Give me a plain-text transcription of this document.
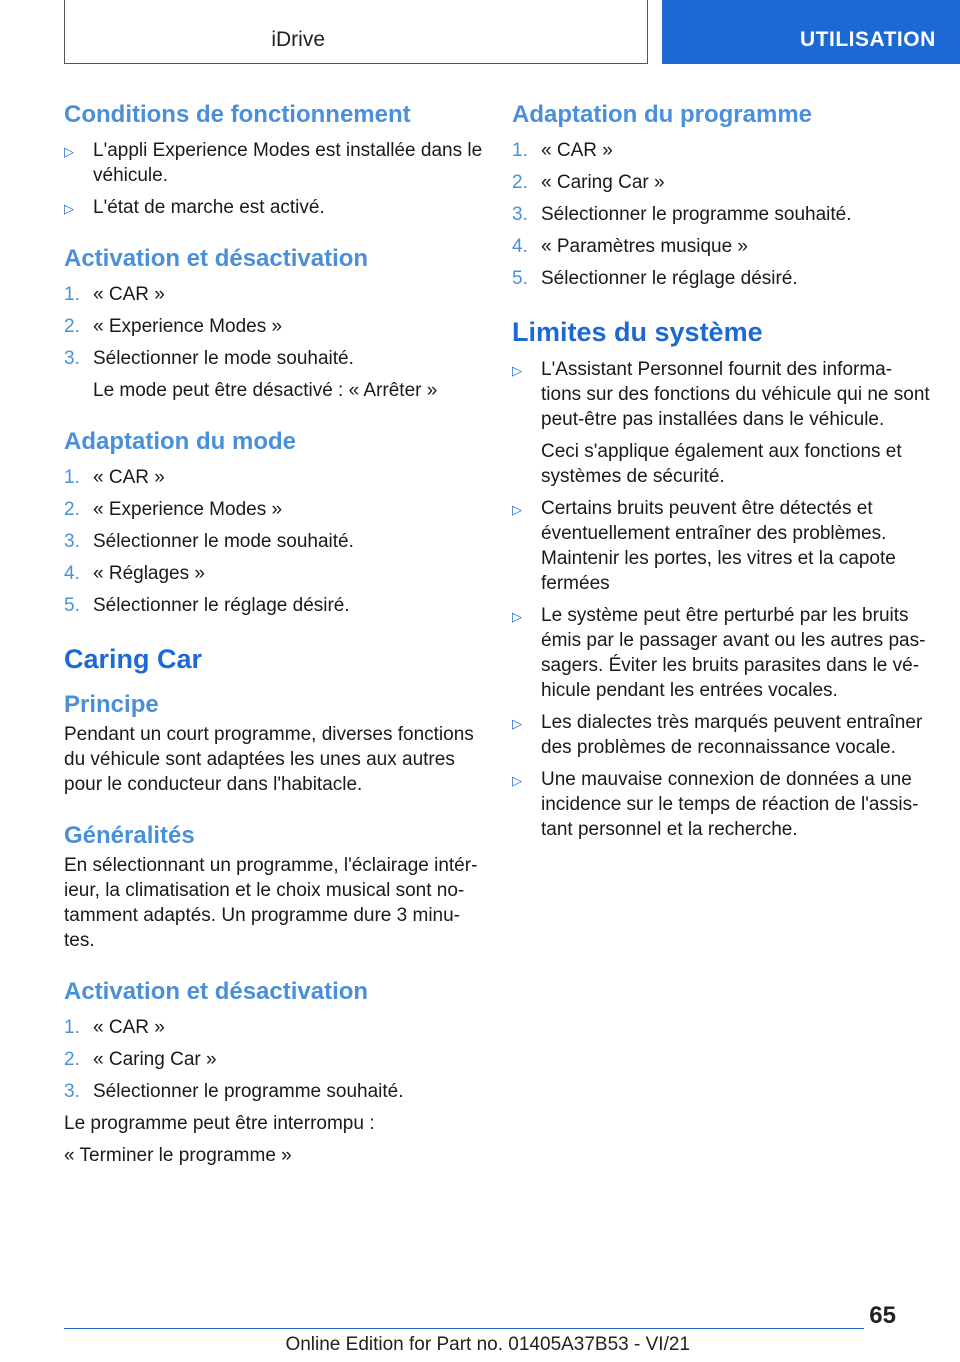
iDrive	UTILISATION
Conditions de fonctionnement
▷ L'appli Experience Modes est installée dans le véhicule.
▷ L'état de marche est activé.
Activation et désactivation
1. « CAR »
2. « Experience Modes »
3. Sélectionner le mode souhaité.
Le mode peut être désactivé : « Arrêter »
Adaptation du mode
1. « CAR »
2. « Experience Modes »
3. Sélectionner le mode souhaité.
4. « Réglages »
5. Sélectionner le réglage désiré.
Caring Car
Principe

Pendant un court programme, diverses fonctions du véhicule sont adaptées les unes aux autres pour le conducteur dans l'habitacle.

Généralités

En sélectionnant un programme, l'éclairage intér-ieur, la climatisation et le choix musical sont no-tamment adaptés. Un programme dure 3 minu-tes.

Activation et désactivation
1. « CAR »
2. « Caring Car »
3. Sélectionner le programme souhaité.

Le programme peut être interrompu :

« Terminer le programme »

Adaptation du programme
1. « CAR »
2. « Caring Car »
3. Sélectionner le programme souhaité.
4. « Paramètres musique »
5. Sélectionner le réglage désiré.
Limites du système
▷ L'Assistant Personnel fournit des informa-tions sur des fonctions du véhicule qui ne sont peut-être pas installées dans le véhicule.
Ceci s'applique également aux fonctions et systèmes de sécurité.
▷ Certains bruits peuvent être détectés et éventuellement entraîner des problèmes. Maintenir les portes, les vitres et la capote fermées
▷ Le système peut être perturbé par les bruits émis par le passager avant ou les autres pas-sagers. Éviter les bruits parasites dans le vé-hicule pendant les entrées vocales.
▷ Les dialectes très marqués peuvent entraîner des problèmes de reconnaissance vocale.
▷ Une mauvaise connexion de données a une incidence sur le temps de réaction de l'assis-tant personnel et la recherche.
65
Online Edition for Part no. 01405A37B53 - VI/21
